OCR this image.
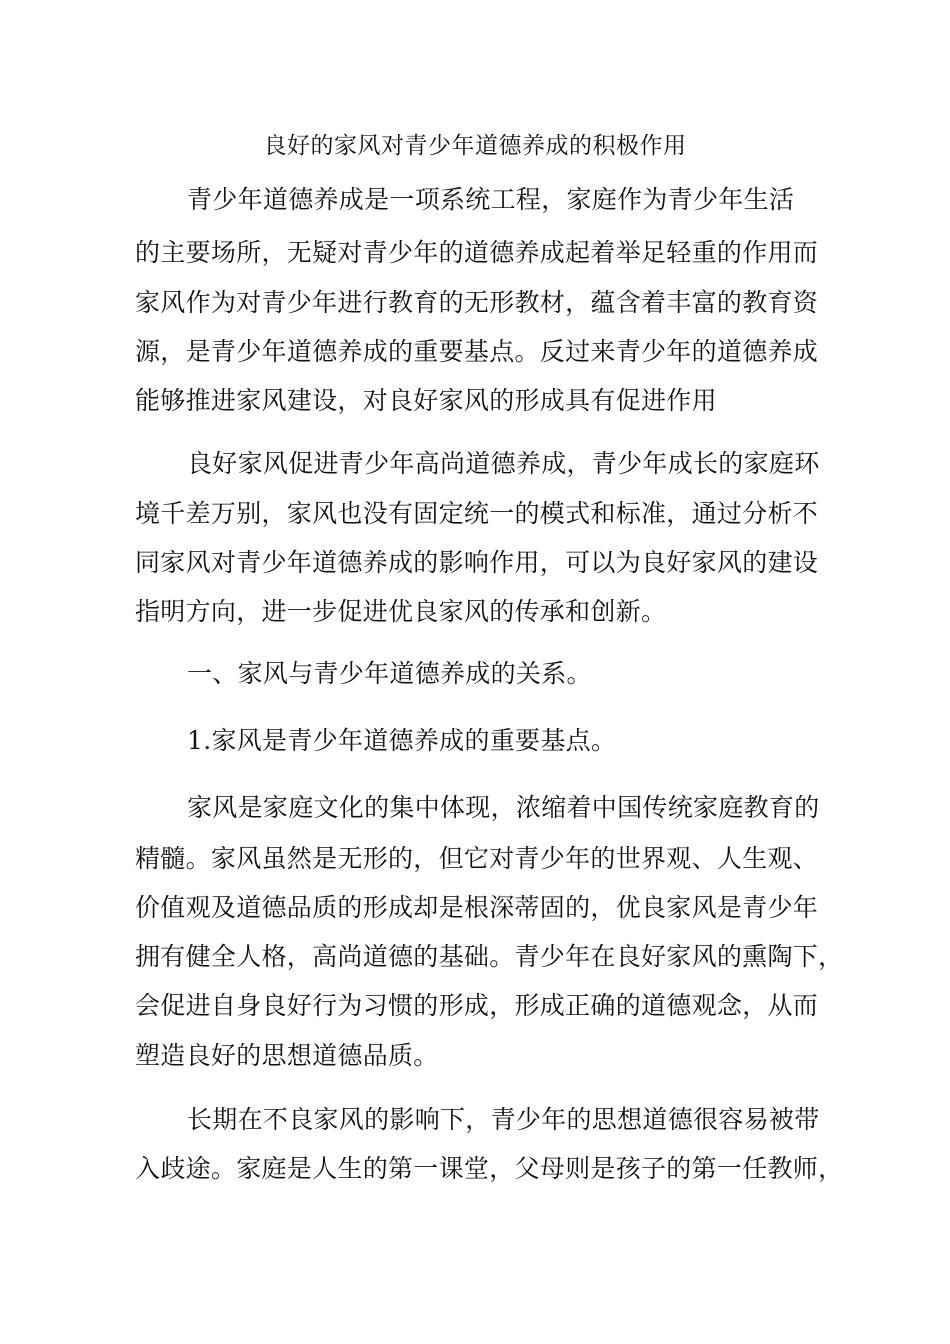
良好的家风对青少年道德养成的积极作用
青少年道德养成是一项系统工程，家庭作为青少年生活
的主要场所，无疑对青少年的道德养成起着举足轻重的作用而
家风作为对青少年进行教育的无形教材，蕴含着丰富的教育资
源，是青少年道德养成的重要基点。反过来青少年的道德养成
能够推进家风建设，对良好家风的形成具有促进作用
良好家风促进青少年高尚道德养成，青少年成长的家庭环
境千差万别，家风也没有固定统一的模式和标准，通过分析不
同家风对青少年道德养成的影响作用，可以为良好家风的建设
指明方向，进一步促进优良家风的传承和创新。
一、家风与青少年道德养成的关系。
1.家风是青少年道德养成的重要基点。
家风是家庭文化的集中体现，浓缩着中国传统家庭教育的
精髓。家风虽然是无形的，但它对青少年的世界观、人生观、
价值观及道德品质的形成却是根深蒂固的，优良家风是青少年
拥有健全人格，高尚道德的基础。青少年在良好家风的熏陶下，
会促进自身良好行为习惯的形成，形成正确的道德观念，从而
塑造良好的思想道德品质。
长期在不良家风的影响下，青少年的思想道德很容易被带
入歧途。家庭是人生的第一课堂，父母则是孩子的第一任教师，
